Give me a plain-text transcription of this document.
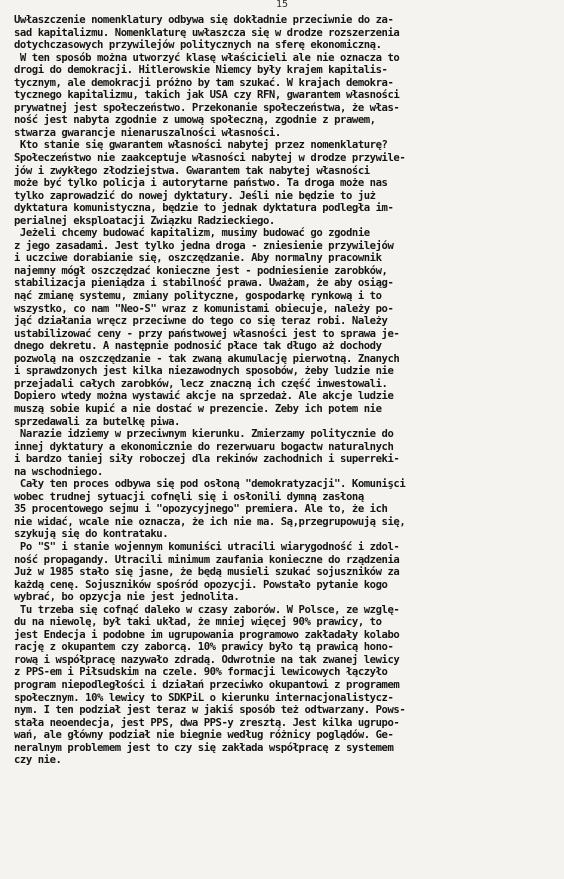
15
Uwłaszczenie nomenklatury odbywa się dokładnie przeciwnie do za-
sad kapitalizmu. Nomenklaturę uwłaszcza się w drodze rozszerzenia
dotychczasowych przywilejów politycznych na sferę ekonomiczną.
W ten sposób można utworzyć klasę właścicieli ale nie oznacza to
drogi do demokracji. Hitlerowskie Niemcy były krajem kapitalis-
tycznym, ale demokracji próżno by tam szukać. W krajach demokra-
tycznego kapitalizmu, takich jak USA czy RFN, gwarantem własności
prywatnej jest społeczeństwo. Przekonanie społeczeństwa, że włas-
ność jest nabyta zgodnie z umową społeczną, zgodnie z prawem,
stwarza gwarancje nienaruszalności własności.
Kto stanie się gwarantem własności nabytej przez nomenklaturę?
Społeczeństwo nie zaakceptuje własności nabytej w drodze przywile-
jów i zwykłego złodziejstwa. Gwarantem tak nabytej własności
może być tylko policja i autorytarne państwo. Ta droga może nas
tylko zaprowadzić do nowej dyktatury. Jeśli nie będzie to już
dyktatura komunistyczna, będzie to jednak dyktatura podległa im-
perialnej eksploatacji Związku Radzieckiego.
Jeżeli chcemy budować kapitalizm, musimy budować go zgodnie
z jego zasadami. Jest tylko jedna droga - zniesienie przywilejów
i uczciwe dorabianie się, oszczędzanie. Aby normalny pracownik
najemny mógł oszczędzać konieczne jest - podniesienie zarobków,
stabilizacja pieniądza i stabilność prawa. Uważam, że aby osiąg-
nąć zmianę systemu, zmiany polityczne, gospodarkę rynkową i to
wszystko, co nam "Neo-S" wraz z komunistami obiecuje, należy po-
jąć działania wręcz przeciwne do tego co się teraz robi. Należy
ustabilizować ceny - przy państwowej własności jest to sprawa je-
dnego dekretu. A następnie podnosić płace tak długo aż dochody
pozwolą na oszczędzanie - tak zwaną akumulację pierwotną. Znanych
i sprawdzonych jest kilka niezawodnych sposobów, żeby ludzie nie
przejadali całych zarobków, lecz znaczną ich część inwestowali.
Dopiero wtedy można wystawić akcje na sprzedaż. Ale akcje ludzie
muszą sobie kupić a nie dostać w prezencie. Żeby ich potem nie
sprzedawali za butelkę piwa.
Narazie idziemy w przeciwnym kierunku. Zmierzamy politycznie do
innej dyktatury a ekonomicznie do rezerwuaru bogactw naturalnych
i bardzo taniej siły roboczej dla rekinów zachodnich i superreki-
na wschodniego.
Cały ten proces odbywa się pod osłoną "demokratyzacji". Komunişci
wobec trudnej sytuacji cofnęli się i osłonili dymną zasłoną
35 procentowego sejmu i "opozycyjnego" premiera. Ale to, że ich
nie widać, wcale nie oznacza, że ich nie ma. Są,przegrupowują się,
szykują się do kontrataku.
Po "S" i stanie wojennym komuniści utracili wiarygodność i zdol-
ność propagandy. Utracili minimum zaufania konieczne do rządzenia
Już w 1985 stało się jasne, że będą musieli szukać sojuszników za
każdą cenę. Sojuszników spośród opozycji. Powstało pytanie kogo
wybrać, bo opzycja nie jest jednolita.
Tu trzeba się cofnąć daleko w czasy zaborów. W Polsce, ze wzglę-
du na niewolę, był taki układ, że mniej więcej 90% prawicy, to
jest Endecja i podobne im ugrupowania programowo zakładały kolabo
rację z okupantem czy zaborcą. 10% prawicy było tą prawicą hono-
rową i współpracę nazywało zdradą. Odwrotnie na tak zwanej lewicy
z PPS-em i Piłsudskim na czele. 90% formacji lewicowych łączyło
program niepodległości i działań przeciwko okupantowi z programem
społecznym. 10% lewicy to SDKPiL o kierunku internacjonalistycz-
nym. I ten podział jest teraz w jakiś sposób też odtwarzany. Pows-
stała neoendecja, jest PPS, dwa PPS-y zresztą. Jest kilka ugrupo-
wań, ale główny podział nie biegnie według różnicy poglądów. Ge-
neralnym problemem jest to czy się zakłada współpracę z systemem
czy nie.
